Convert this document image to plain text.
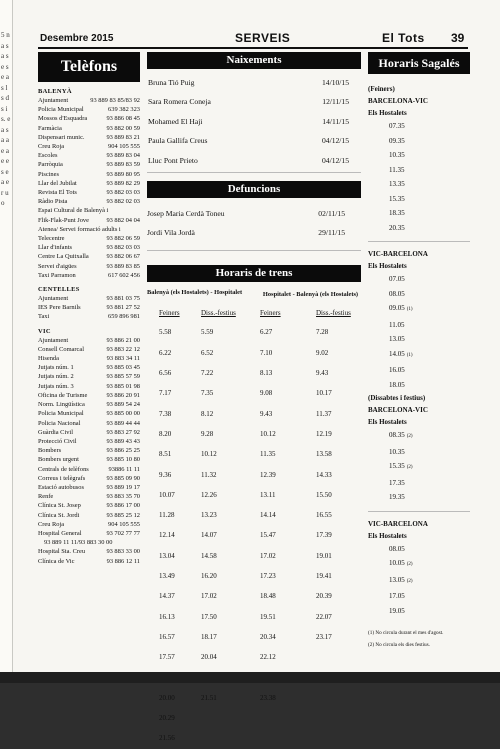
5 n a s a s e s e a s l s d s i s. e a s a a e a e e s e a e r u o
Desembre 2015	SERVEIS	El Tots 39
Telèfons
BALENYÀ
Ajuntament	93 889 83 85/83 92
Policia Municipal	639 382 323
Mossos d'Esquadra	93 886 08 45
Farmàcia	93 882 00 59
Dispensari munic.	93 889 83 21
Creu Roja	904 105 555
Escoles	93 889 83 04
Parròquia	93 889 83 59
Piscines	93 889 80 95
Llar del Jubilat	93 889 82 29
Revista El Tots	93 882 03 03
Ràdio Pista	93 882 02 03
Espai Cultural de Balenyà i
Flik-Flak-Punt Jove	93 882 04 04
Atenea/ Servei formació adults i
Telecentre	93 882 06 59
Llar d'infants	93 882 03 03
Centre La Quitxalla	93 882 06 67
Servei d'aigües	93 889 83 85
Taxi Parramon	617 602 456
CENTELLES
Ajuntament	93 881 03 75
IES Pere Barnils	93 881 27 52
Taxi	659 896 981
VIC
Ajuntament	93 886 21 00
Consell Comarcal	93 883 22 12
Hisenda	93 883 34 11
Jutjats núm. 1	93 885 03 45
Jutjats núm. 2	93 885 57 59
Jutjats núm. 3	93 885 01 98
Oficina de Turisme	93 886 20 91
Norm. Lingüística	93 889 54 24
Policia Municipal	93 885 00 00
Policia Nacional	93 889 44 44
Guàrdia Civil	93 883 27 92
Protecció Civil	93 889 43 43
Bombers	93 886 25 25
Bombers urgent	93 885 10 80
Centrals de telèfons	93886 11 11
Correus i telègrafs	93 885 09 90
Estació autobusos	93 889 19 17
Renfe	93 883 35 70
Clínica St. Josep	93 886 17 00
Clínica St. Jordi	93 885 25 12
Creu Roja	904 105 555
Hospital General	93 702 77 77
93 889 11 11/93 883 30 00
Hospital Sta. Creu	93 883 33 00
Clínica de Vic	93 886 12 11
Naixements
Bruna Tió Puig	14/10/15
Sara Romera Coneja	12/11/15
Mohamed El Haji	14/11/15
Paula Gallifa Creus	04/12/15
Lluc Pont Prieto	04/12/15
Defuncions
Josep Maria Cerdà Toneu	02/11/15
Jordi Vila Jordà	29/11/15
Horaris de trens
Balenyà (els Hostalets) - Hospitalet	Hospitalet - Balenyà (els Hostalets)
Feiners	Diss.-festius	Feiners	Diss.-festius
5.58	5.59	6.27	7.28
6.22	6.52	7.10	9.02
6.56	7.22	8.13	9.43
7.17	7.35	9.08	10.17
7.38	8.12	9.43	11.37
8.20	9.28	10.12	12.19
8.51	10.12	11.35	13.58
9.36	11.32	12.39	14.33
10.07	12.26	13.11	15.50
11.28	13.23	14.14	16.55
12.14	14.07	15.47	17.39
13.04	14.58	17.02	19.01
13.49	16.20	17.23	19.41
14.37	17.02	18.48	20.39
16.13	17.50	19.51	22.07
16.57	18.17	20.34	23.17
17.57	20.04	22.12
20.00	21.51	23.38
20.29
21.56
Horaris Sagalés
(Feiners)
BARCELONA-VIC
Els Hostalets
07.35
09.35
10.35
11.35
13.35
15.35
18.35
20.35
VIC-BARCELONA
Els Hostalets
07.05
08.05
09.05 (1)
11.05
13.05
14.05 (1)
16.05
18.05
(Dissabtes i festius)
BARCELONA-VIC
Els Hostalets
08.35 (2)
10.35
15.35 (2)
17.35
19.35
VIC-BARCELONA
Els Hostalets
08.05
10.05 (2)
13.05 (2)
17.05
19.05
(1) No circula durant el mes d'agost.
(2) No circula els dies festius.
